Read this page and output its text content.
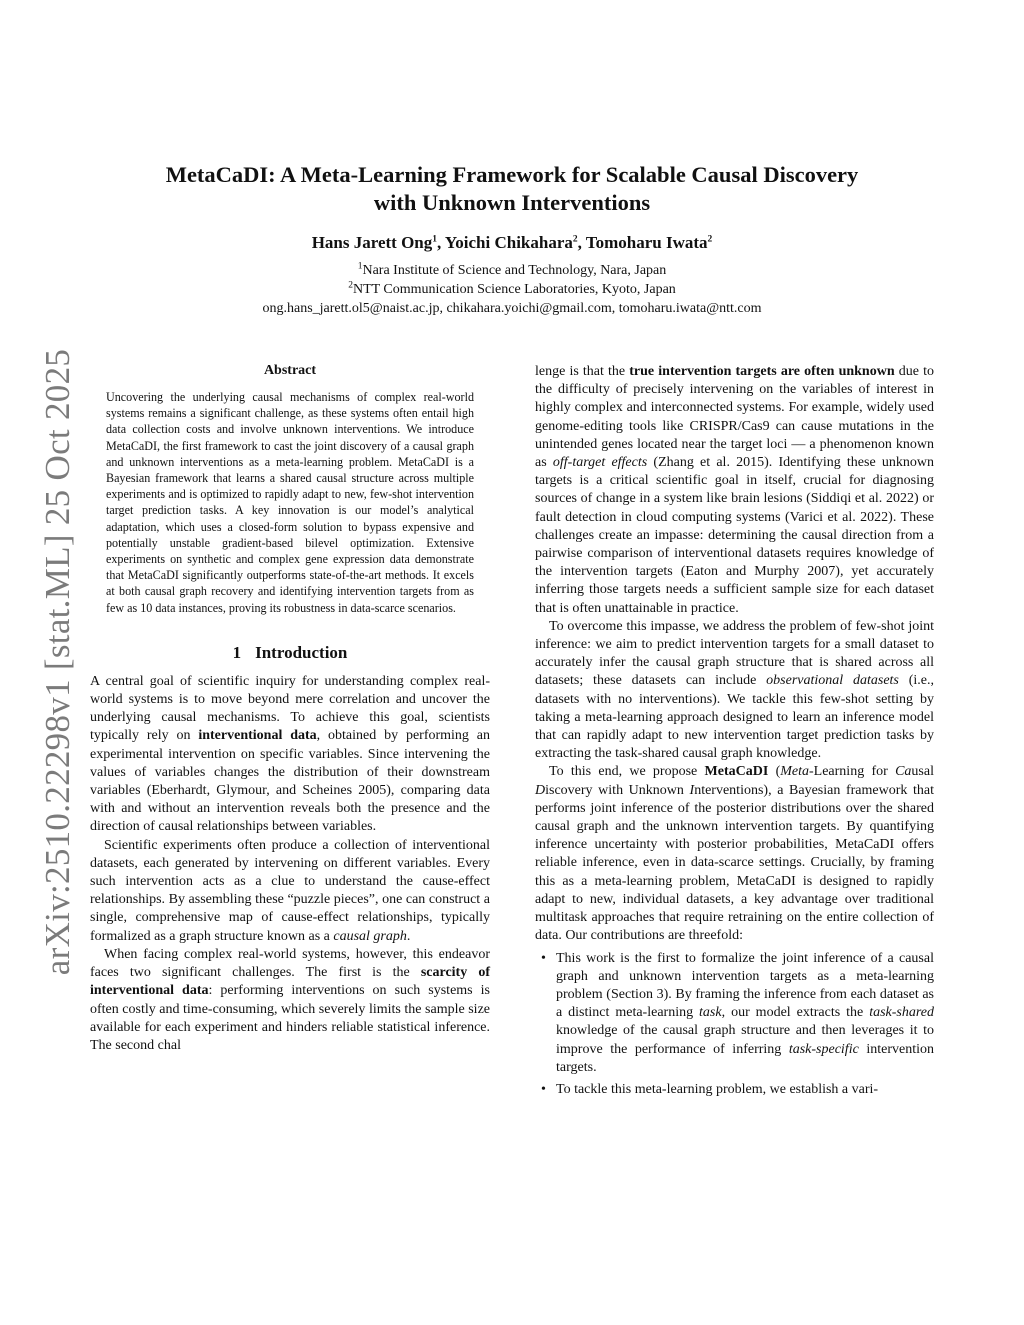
arXiv:2510.22298v1 [stat.ML] 25 Oct 2025
MetaCaDI: A Meta-Learning Framework for Scalable Causal Discovery
with Unknown Interventions
Hans Jarett Ong$^1$, Yoichi Chikahara$^2$, Tomoharu Iwata$^2$
$^1$Nara Institute of Science and Technology, Nara, Japan
$^2$NTT Communication Science Laboratories, Kyoto, Japan
ong.hans_jarett.ol5@naist.ac.jp, chikahara.yoichi@gmail.com, tomoharu.iwata@ntt.com

Abstract

Uncovering the underlying causal mechanisms of complex real-world systems remains a significant challenge, as these systems often entail high data collection costs and involve unknown interventions. We introduce MetaCaDI, the first framework to cast the joint discovery of a causal graph and unknown interventions as a meta-learning problem. MetaCaDI is a Bayesian framework that learns a shared causal structure across multiple experiments and is optimized to rapidly adapt to new, few-shot intervention target prediction tasks. A key innovation is our model’s analytical adaptation, which uses a closed-form solution to bypass expensive and potentially unstable gradient-based bilevel optimization. Extensive experiments on synthetic and complex gene expression data demonstrate that MetaCaDI significantly outperforms state-of-the-art methods. It excels at both causal graph recovery and identifying intervention targets from as few as 10 data instances, proving its robustness in data-scarce scenarios.

1 Introduction

A central goal of scientific inquiry for understanding complex real-world systems is to move beyond mere correlation and uncover the underlying causal mechanisms. To achieve this goal, scientists typically rely on interventional data, obtained by performing an experimental intervention on specific variables. Since intervening the values of variables changes the distribution of their downstream variables (Eberhardt, Glymour, and Scheines 2005), comparing data with and without an intervention reveals both the presence and the direction of causal relationships between variables.

Scientific experiments often produce a collection of interventional datasets, each generated by intervening on different variables. Every such intervention acts as a clue to understand the cause-effect relationships. By assembling these “puzzle pieces”, one can construct a single, comprehensive map of cause-effect relationships, typically formalized as a graph structure known as a causal graph.

When facing complex real-world systems, however, this endeavor faces two significant challenges. The first is the scarcity of interventional data: performing interventions on such systems is often costly and time-consuming, which severely limits the sample size available for each experiment and hinders reliable statistical inference. The second chal

lenge is that the true intervention targets are often unknown due to the difficulty of precisely intervening on the variables of interest in highly complex and interconnected systems. For example, widely used genome-editing tools like CRISPR/Cas9 can cause mutations in the unintended genes located near the target loci — a phenomenon known as off-target effects (Zhang et al. 2015). Identifying these unknown targets is a critical scientific goal in itself, crucial for diagnosing sources of change in a system like brain lesions (Siddiqi et al. 2022) or fault detection in cloud computing systems (Varici et al. 2022). These challenges create an impasse: determining the causal direction from a pairwise comparison of interventional datasets requires knowledge of the intervention targets (Eaton and Murphy 2007), yet accurately inferring those targets needs a sufficient sample size for each dataset that is often unattainable in practice.

To overcome this impasse, we address the problem of few-shot joint inference: we aim to predict intervention targets for a small dataset to accurately infer the causal graph structure that is shared across all datasets; these datasets can include observational datasets (i.e., datasets with no interventions). We tackle this few-shot setting by taking a meta-learning approach designed to learn an inference model that can rapidly adapt to new intervention target prediction tasks by extracting the task-shared causal graph knowledge.

To this end, we propose MetaCaDI (Meta-Learning for Causal Discovery with Unknown Interventions), a Bayesian framework that performs joint inference of the posterior distributions over the shared causal graph and the unknown intervention targets. By quantifying inference uncertainty with posterior probabilities, MetaCaDI offers reliable inference, even in data-scarce settings. Crucially, by framing this as a meta-learning problem, MetaCaDI is designed to rapidly adapt to new, individual datasets, a key advantage over traditional multitask approaches that require retraining on the entire collection of data. Our contributions are threefold:

• This work is the first to formalize the joint inference of a causal graph and unknown intervention targets as a meta-learning problem (Section 3). By framing the inference from each dataset as a distinct meta-learning task, our model extracts the task-shared knowledge of the causal graph structure and then leverages it to improve the performance of inferring task-specific intervention targets.
• To tackle this meta-learning problem, we establish a vari-
